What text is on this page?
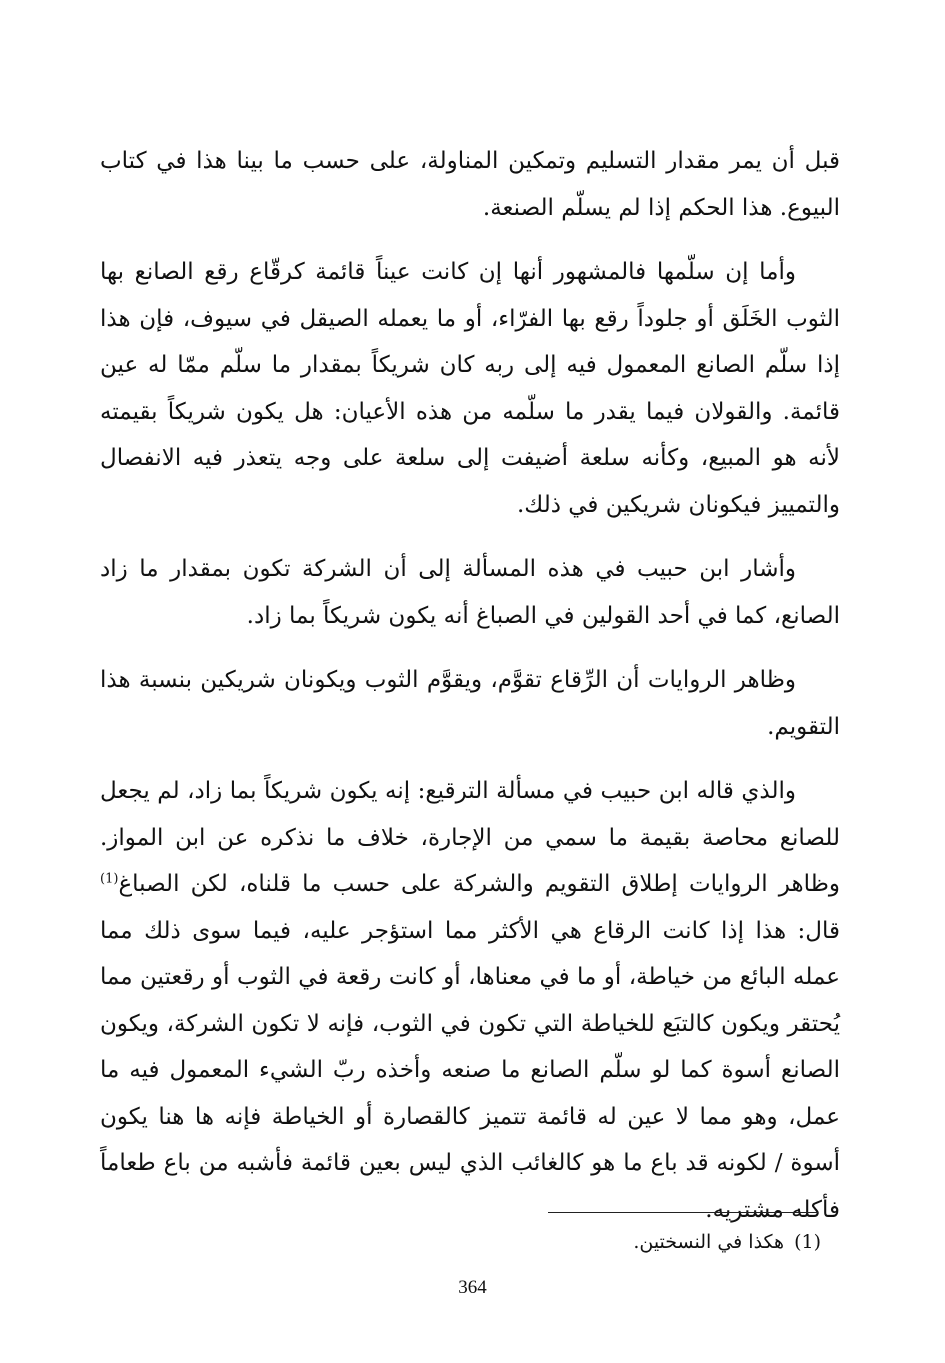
قبل أن يمر مقدار التسليم وتمكين المناولة، على حسب ما بينا هذا في كتاب البيوع. هذا الحكم إذا لم يسلّم الصنعة.

وأما إن سلّمها فالمشهور أنها إن كانت عيناً قائمة كرقّاع رقع الصانع بها الثوب الخَلَق أو جلوداً رقع بها الفرّاء، أو ما يعمله الصيقل في سيوف، فإن هذا إذا سلّم الصانع المعمول فيه إلى ربه كان شريكاً بمقدار ما سلّم ممّا له عين قائمة. والقولان فيما يقدر ما سلّمه من هذه الأعيان: هل يكون شريكاً بقيمته لأنه هو المبيع، وكأنه سلعة أضيفت إلى سلعة على وجه يتعذر فيه الانفصال والتمييز فيكونان شريكين في ذلك.

وأشار ابن حبيب في هذه المسألة إلى أن الشركة تكون بمقدار ما زاد الصانع، كما في أحد القولين في الصباغ أنه يكون شريكاً بما زاد.

وظاهر الروايات أن الرِّقاع تقوَّم، ويقوَّم الثوب ويكونان شريكين بنسبة هذا التقويم.

والذي قاله ابن حبيب في مسألة الترقيع: إنه يكون شريكاً بما زاد، لم يجعل للصانع محاصة بقيمة ما سمي من الإجارة، خلاف ما نذكره عن ابن المواز. وظاهر الروايات إطلاق التقويم والشركة على حسب ما قلناه، لكن الصباغ$^{(1)}$ قال: هذا إذا كانت الرقاع هي الأكثر مما استؤجر عليه، فيما سوى ذلك مما عمله البائع من خياطة، أو ما في معناها، أو كانت رقعة في الثوب أو رقعتين مما يُحتقر ويكون كالتبَع للخياطة التي تكون في الثوب، فإنه لا تكون الشركة، ويكون الصانع أسوة كما لو سلّم الصانع ما صنعه وأخذه ربّ الشيء المعمول فيه ما عمل، وهو مما لا عين له قائمة تتميز كالقصارة أو الخياطة فإنه ها هنا يكون أسوة / لكونه قد باع ما هو كالغائب الذي ليس بعين قائمة فأشبه من باع طعاماً فأكله مشتريه.

(1)هكذا في النسختين.
364
